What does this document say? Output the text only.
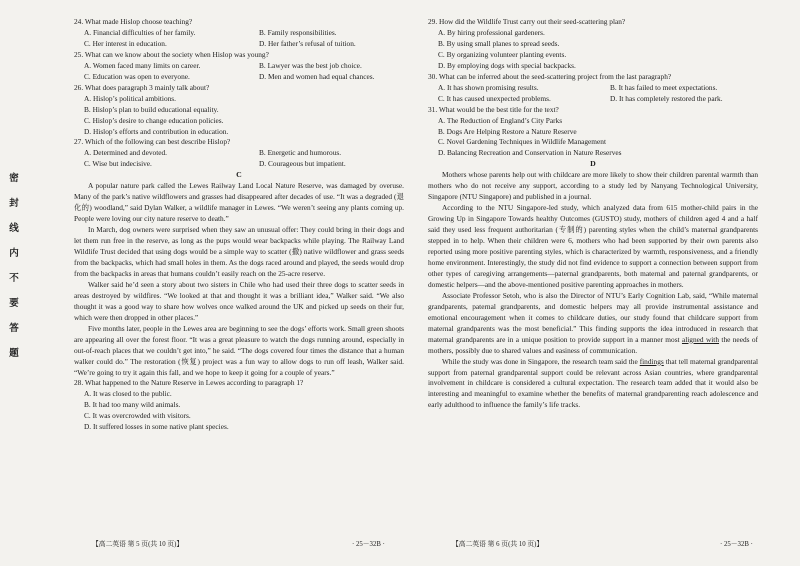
密
封
线
内
不
要
答
题
24. What made Hislop choose teaching?
A. Financial difficulties of her family.	B. Family responsibilities.
C. Her interest in education.	D. Her father’s refusal of tuition.
25. What can we know about the society when Hislop was young?
A. Women faced many limits on career.	B. Lawyer was the best job choice.
C. Education was open to everyone.	D. Men and women had equal chances.
26. What does paragraph 3 mainly talk about?
A. Hislop’s political ambitions.
B. Hislop’s plan to build educational equality.
C. Hislop’s desire to change education policies.
D. Hislop’s efforts and contribution in education.
27. Which of the following can best describe Hislop?
A. Determined and devoted.	B. Energetic and humorous.
C. Wise but indecisive.	D. Courageous but impatient.
C
A popular nature park called the Lewes Railway Land Local Nature Reserve, was damaged by overuse. Many of the park’s native wildflowers and grasses had disappeared after decades of use. “It was a degraded (退化的) woodland,” said Dylan Walker, a wildlife manager in Lewes. “We weren’t seeing any plants coming up. People were loving our city nature reserve to death.”
In March, dog owners were surprised when they saw an unusual offer: They could bring in their dogs and let them run free in the reserve, as long as the pups would wear backpacks while playing. The Railway Land Wildlife Trust decided that using dogs would be a simple way to scatter (撒) native wildflower and grass seeds from the backpacks, which had small holes in them. As the dogs raced around and played, the seeds would drop from the backpacks in areas that humans couldn’t easily reach on the 25-acre reserve.
Walker said he’d seen a story about two sisters in Chile who had used their three dogs to scatter seeds in areas destroyed by wildfires. “We looked at that and thought it was a brilliant idea,” Walker said. “We also thought it was a good way to share how wolves once walked around the UK and picked up seeds on their fur, which were then dropped in other places.”
Five months later, people in the Lewes area are beginning to see the dogs’ efforts work. Small green shoots are appearing all over the forest floor. “It was a great pleasure to watch the dogs running around, especially in out-of-reach places that we couldn’t get into,” he said. “The dogs covered four times the distance that a human walker could do.” The restoration (恢复) project was a fun way to allow dogs to run off leash, Walker said. “We’re going to try it again this fall, and we hope to keep it going for a couple of years.”
28. What happened to the Nature Reserve in Lewes according to paragraph 1?
A. It was closed to the public.
B. It had too many wild animals.
C. It was overcrowded with visitors.
D. It suffered losses in some native plant species.
29. How did the Wildlife Trust carry out their seed-scattering plan?
A. By hiring professional gardeners.
B. By using small planes to spread seeds.
C. By organizing volunteer planting events.
D. By employing dogs with special backpacks.
30. What can be inferred about the seed-scattering project from the last paragraph?
A. It has shown promising results.	B. It has failed to meet expectations.
C. It has caused unexpected problems.	D. It has completely restored the park.
31. What would be the best title for the text?
A. The Reduction of England’s City Parks
B. Dogs Are Helping Restore a Nature Reserve
C. Novel Gardening Techniques in Wildlife Management
D. Balancing Recreation and Conservation in Nature Reserves
D
Mothers whose parents help out with childcare are more likely to show their children parental warmth than mothers who do not receive any support, according to a study led by Nanyang Technological University, Singapore (NTU Singapore) and published in a journal.
According to the NTU Singapore-led study, which analyzed data from 615 mother-child pairs in the Growing Up in Singapore Towards healthy Outcomes (GUSTO) study, mothers of children aged 4 and a half said they used less frequent authoritarian (专制的) parenting styles when the child’s maternal grandparents stepped in to help. When their children were 6, mothers who had been supported by their own parents also reported using more positive parenting styles, which is characterized by warmth, responsiveness, and a friendly home environment. Interestingly, the study did not find evidence to support a connection between support from other types of caregiving arrangements—paternal grandparents, both maternal and paternal grandparents, or domestic helpers—and the above-mentioned positive parenting approaches in mothers.
Associate Professor Setoh, who is also the Director of NTU’s Early Cognition Lab, said, “While maternal grandparents, paternal grandparents, and domestic helpers may all provide instrumental assistance and emotional encouragement when it comes to childcare duties, our study found that childcare support from maternal grandparents was the most beneficial.” This finding supports the idea introduced in research that maternal grandparents are in a unique position to provide support in a manner most aligned with the needs of mothers, possibly due to shared values and easiness of communication.
While the study was done in Singapore, the research team said the findings that tell maternal grandparental support from paternal grandparental support could be relevant across Asian countries, where grandparental involvement in childcare is considered a cultural expectation. The research team added that it would also be interesting and meaningful to examine whether the benefits of maternal grandparenting reach adolescence and early adulthood to influence the family’s life tracks.
【高二英语 第 5 页(共 10 页)】	· 25－32B ·	【高二英语 第 6 页(共 10 页)】	· 25－32B ·
